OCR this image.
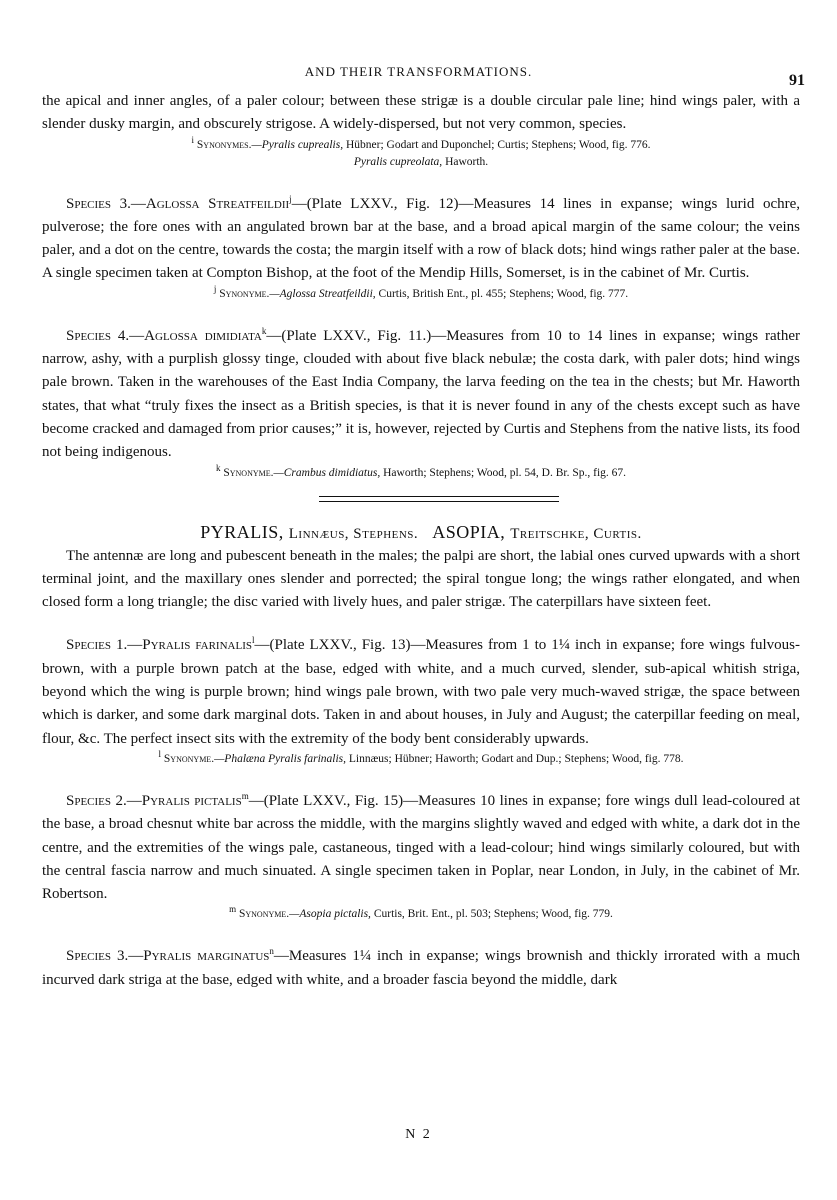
AND THEIR TRANSFORMATIONS.
91

the apical and inner angles, of a paler colour; between these strigæ is a double circular pale line; hind wings paler, with a slender dusky margin, and obscurely strigose. A widely-dispersed, but not very common, species.

$^i$ Synonymes.—Pyralis cuprealis, Hübner; Godart and Duponchel; Curtis; Stephens; Wood, fig. 776.

Pyralis cupreolata, Haworth.

Species 3.—Aglossa Streatfeildii$^j$—(Plate LXXV., Fig. 12)—Measures 14 lines in expanse; wings lurid ochre, pulverose; the fore ones with an angulated brown bar at the base, and a broad apical margin of the same colour; the veins paler, and a dot on the centre, towards the costa; the margin itself with a row of black dots; hind wings rather paler at the base. A single specimen taken at Compton Bishop, at the foot of the Mendip Hills, Somerset, is in the cabinet of Mr. Curtis.

$^j$ Synonyme.—Aglossa Streatfeildii, Curtis, British Ent., pl. 455; Stephens; Wood, fig. 777.

Species 4.—Aglossa dimidiata$^k$—(Plate LXXV., Fig. 11.)—Measures from 10 to 14 lines in expanse; wings rather narrow, ashy, with a purplish glossy tinge, clouded with about five black nebulæ; the costa dark, with paler dots; hind wings pale brown. Taken in the warehouses of the East India Company, the larva feeding on the tea in the chests; but Mr. Haworth states, that what “truly fixes the insect as a British species, is that it is never found in any of the chests except such as have become cracked and damaged from prior causes;” it is, however, rejected by Curtis and Stephens from the native lists, its food not being indigenous.

$^k$ Synonyme.—Crambus dimidiatus, Haworth; Stephens; Wood, pl. 54, D. Br. Sp., fig. 67.

PYRALIS, Linnæus, Stephens. ASOPIA, Treitschke, Curtis.

The antennæ are long and pubescent beneath in the males; the palpi are short, the labial ones curved upwards with a short terminal joint, and the maxillary ones slender and porrected; the spiral tongue long; the wings rather elongated, and when closed form a long triangle; the disc varied with lively hues, and paler strigæ. The caterpillars have sixteen feet.

Species 1.—Pyralis farinalis$^l$—(Plate LXXV., Fig. 13)—Measures from 1 to 1¼ inch in expanse; fore wings fulvous-brown, with a purple brown patch at the base, edged with white, and a much curved, slender, sub-apical whitish striga, beyond which the wing is purple brown; hind wings pale brown, with two pale very much-waved strigæ, the space between which is darker, and some dark marginal dots. Taken in and about houses, in July and August; the caterpillar feeding on meal, flour, &c. The perfect insect sits with the extremity of the body bent considerably upwards.

$^l$ Synonyme.—Phalæna Pyralis farinalis, Linnæus; Hübner; Haworth; Godart and Dup.; Stephens; Wood, fig. 778.

Species 2.—Pyralis pictalis$^m$—(Plate LXXV., Fig. 15)—Measures 10 lines in expanse; fore wings dull lead-coloured at the base, a broad chesnut white bar across the middle, with the margins slightly waved and edged with white, a dark dot in the centre, and the extremities of the wings pale, castaneous, tinged with a lead-colour; hind wings similarly coloured, but with the central fascia narrow and much sinuated. A single specimen taken in Poplar, near London, in July, in the cabinet of Mr. Robertson.

$^m$ Synonyme.—Asopia pictalis, Curtis, Brit. Ent., pl. 503; Stephens; Wood, fig. 779.

Species 3.—Pyralis marginatus$^n$—Measures 1¼ inch in expanse; wings brownish and thickly irrorated with a much incurved dark striga at the base, edged with white, and a broader fascia beyond the middle, dark

N 2
